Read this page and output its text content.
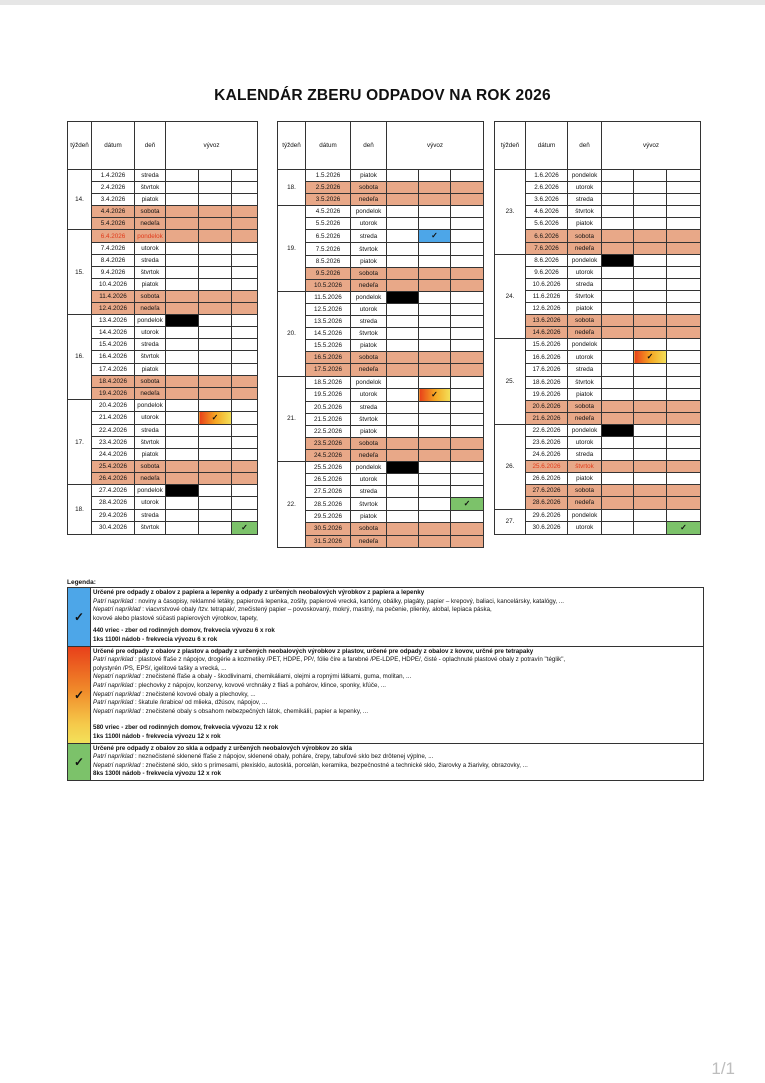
KALENDÁR ZBERU ODPADOV NA ROK 2026
týždeň	dátum	deň	vývoz		
14.	1.4.2026	streda			
	2.4.2026	štvrtok			
	3.4.2026	piatok			
	4.4.2026	sobota			
	5.4.2026	nedeľa			
15.	6.4.2026	pondelok			
	7.4.2026	utorok			
	8.4.2026	streda			
	9.4.2026	štvrtok			
	10.4.2026	piatok			
	11.4.2026	sobota			
	12.4.2026	nedeľa			
16.	13.4.2026	pondelok			
	14.4.2026	utorok			
	15.4.2026	streda			
	16.4.2026	štvrtok			
	17.4.2026	piatok			
	18.4.2026	sobota			
	19.4.2026	nedeľa			
17.	20.4.2026	pondelok			
	21.4.2026	utorok		✓	
	22.4.2026	streda			
	23.4.2026	štvrtok			
	24.4.2026	piatok			
	25.4.2026	sobota			
	26.4.2026	nedeľa			
18.	27.4.2026	pondelok			
	28.4.2026	utorok			
	29.4.2026	streda			
	30.4.2026	štvrtok			✓
týždeň	dátum	deň	vývoz		
18.	1.5.2026	piatok			
	2.5.2026	sobota			
	3.5.2026	nedeľa			
19.	4.5.2026	pondelok			
	5.5.2026	utorok			
	6.5.2026	streda		✓	
	7.5.2026	štvrtok			
	8.5.2026	piatok			
	9.5.2026	sobota			
	10.5.2026	nedeľa			
20.	11.5.2026	pondelok			
	12.5.2026	utorok			
	13.5.2026	streda			
	14.5.2026	štvrtok			
	15.5.2026	piatok			
	16.5.2026	sobota			
	17.5.2026	nedeľa			
21.	18.5.2026	pondelok			
	19.5.2026	utorok		✓	
	20.5.2026	streda			
	21.5.2026	štvrtok			
	22.5.2026	piatok			
	23.5.2026	sobota			
	24.5.2026	nedeľa			
22.	25.5.2026	pondelok			
	26.5.2026	utorok			
	27.5.2026	streda			
	28.5.2026	štvrtok			✓
	29.5.2026	piatok			
	30.5.2026	sobota			
	31.5.2026	nedeľa			
týždeň	dátum	deň	vývoz		
23.	1.6.2026	pondelok			
	2.6.2026	utorok			
	3.6.2026	streda			
	4.6.2026	štvrtok			
	5.6.2026	piatok			
	6.6.2026	sobota			
	7.6.2026	nedeľa			
24.	8.6.2026	pondelok			
	9.6.2026	utorok			
	10.6.2026	streda			
	11.6.2026	štvrtok			
	12.6.2026	piatok			
	13.6.2026	sobota			
	14.6.2026	nedeľa			
25.	15.6.2026	pondelok			
	16.6.2026	utorok		✓	
	17.6.2026	streda			
	18.6.2026	štvrtok			
	19.6.2026	piatok			
	20.6.2026	sobota			
	21.6.2026	nedeľa			
26.	22.6.2026	pondelok			
	23.6.2026	utorok			
	24.6.2026	streda			
	25.6.2026	štvrtok			
	26.6.2026	piatok			
	27.6.2026	sobota			
	28.6.2026	nedeľa			
27.	29.6.2026	pondelok			
	30.6.2026	utorok			✓
Legenda:
✓
Určené pre odpady z obalov z papiera a lepenky a odpady z určených neobalových výrobkov z papiera a lepenky
Patrí napríklad : noviny a časopisy, reklamné letáky, papierová lepenka, zošity, papierové vrecká, kartóny, obálky, plagáty, papier – krepový, baliaci, kancelársky, katalógy, ...
Nepatrí napríklad : viacvrstvové obaly /tzv. tetrapak/, znečistený papier – povoskovaný, mokrý, mastný, na pečenie, plienky, alobal, lepiaca páska,
kovové alebo plastové súčasti papierových výrobkov, tapety,
440 vriec - zber od rodinných domov, frekvecia vývozu 6 x rok
1ks 1100l nádob - frekvecia vývozu 6 x rok
✓
Určené pre odpady z obalov z plastov a odpady z určených neobalových výrobkov z plastov, určené pre odpady z obalov z kovov, určné pre tetrapaky
Patrí napríklad : plastové fľaše z nápojov, drogérie a kozmetiky /PET, HDPE, PP/, fólie číre a farebné /PE-LDPE, HDPE/, čisté - oplachnuté plastové obaly z potravín "téglik",
polystyrén /PS, EPS/, igelitové tašky a vrecká, ...
Nepatrí napríklad : znečistené fľaše a obaly - škodlivinami, chemikáliami, olejmi a ropnými látkami, guma, molitan, ...
Patrí napríklad : plechovky z nápojov, konzervy, kovové vrchnáky z fliaš a pohárov, klince, sponky, kľúče, ...
Nepatrí napríklad : znečistené kovové obaly a plechovky, ...
Patrí napríklad : škatule /krabice/ od mlieka, džúsov, nápojov, ...
Nepatrí napríklad : znečistené obaly s obsahom nebezpečných látok, chemikálií, papier a lepenky, ...
580 vriec - zber od rodinných domov, frekvecia vývozu 12 x rok
1ks 1100l nádob - frekvecia vývozu 12 x rok
✓
Určené pre odpady z obalov zo skla a odpady z určených neobalových výrobkov zo skla
Patrí napríklad : neznečistené sklenené fľaše z nápojov, sklenené obaly, poháre, črepy, tabuľové sklo bez drôtenej výplne, ...
Nepatrí napríklad : znečistené sklo, sklo s prímesami, plexisklo, autosklá, porcelán, keramika, bezpečnostné a technické sklo, žiarovky a žiarivky, obrazovky, ...
8ks 1300l nádob - frekvecia vývozu 12 x rok
1/1
